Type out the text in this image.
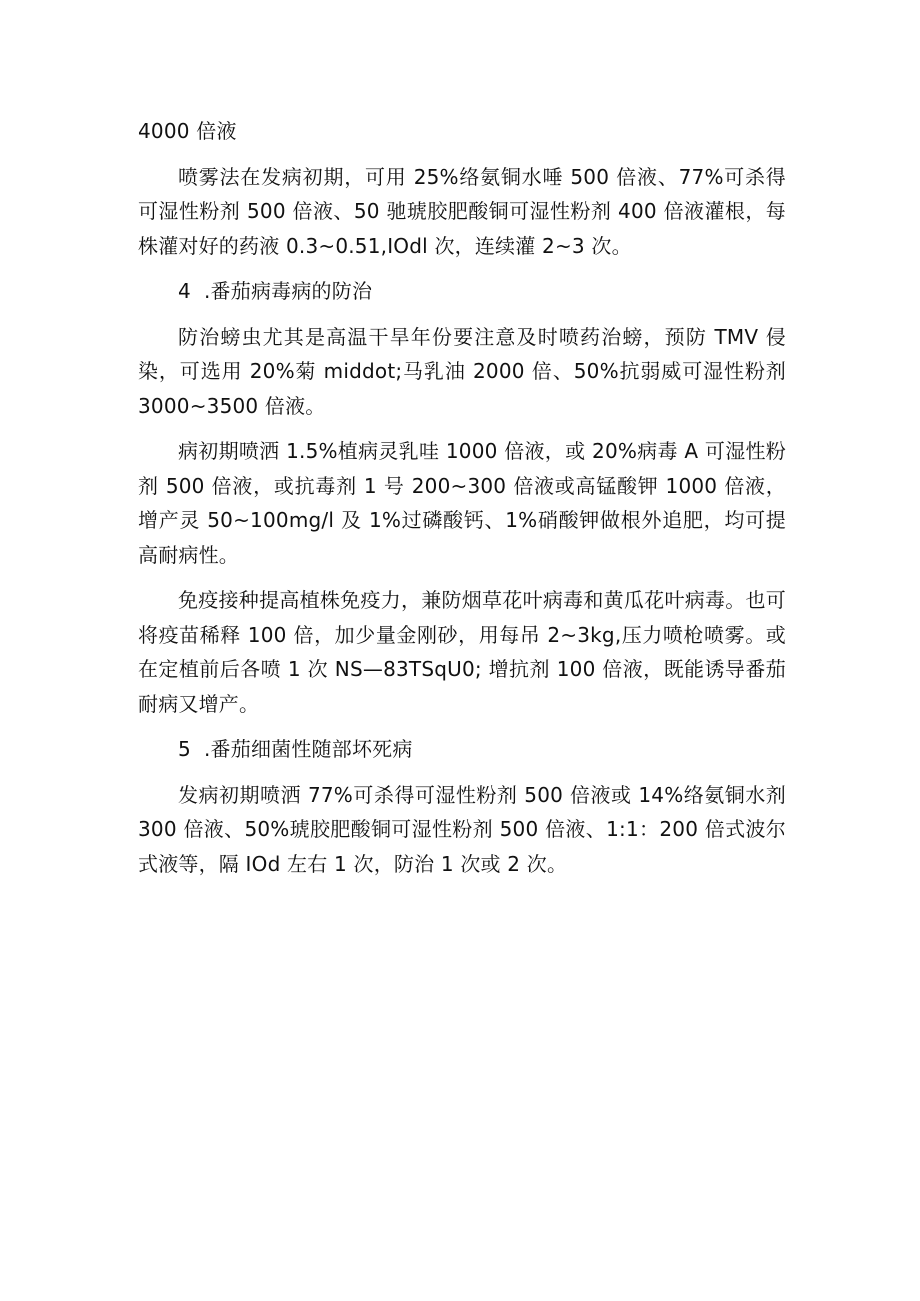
4000 倍液

喷雾法在发病初期，可用 25%络氨铜水唾 500 倍液、77%可杀得可湿性粉剂 500 倍液、50 驰琥胶肥酸铜可湿性粉剂 400 倍液灌根，每株灌对好的药液 0.3~0.51,IOdl 次，连续灌 2~3 次。

4 .番茄病毒病的防治

防治螃虫尤其是高温干旱年份要注意及时喷药治螃，预防 TMV 侵染，可选用 20%菊 middot;马乳油 2000 倍、50%抗弱威可湿性粉剂 3000~3500 倍液。

病初期喷洒 1.5%植病灵乳哇 1000 倍液，或 20%病毒 A 可湿性粉剂 500 倍液，或抗毒剂 1 号 200~300 倍液或高锰酸钾 1000 倍液，增产灵 50~100mg/l 及 1%过磷酸钙、1%硝酸钾做根外追肥，均可提高耐病性。

免疫接种提高植株免疫力，兼防烟草花叶病毒和黄瓜花叶病毒。也可将疫苗稀释 100 倍，加少量金刚砂，用每吊 2~3kg,压力喷枪喷雾。或在定植前后各喷 1 次 NS—83TSqU0; 增抗剂 100 倍液，既能诱导番茄耐病又增产。

5 .番茄细菌性随部坏死病

发病初期喷洒 77%可杀得可湿性粉剂 500 倍液或 14%络氨铜水剂 300 倍液、50%琥胶肥酸铜可湿性粉剂 500 倍液、1:1：200 倍式波尔式液等，隔 IOd 左右 1 次，防治 1 次或 2 次。
